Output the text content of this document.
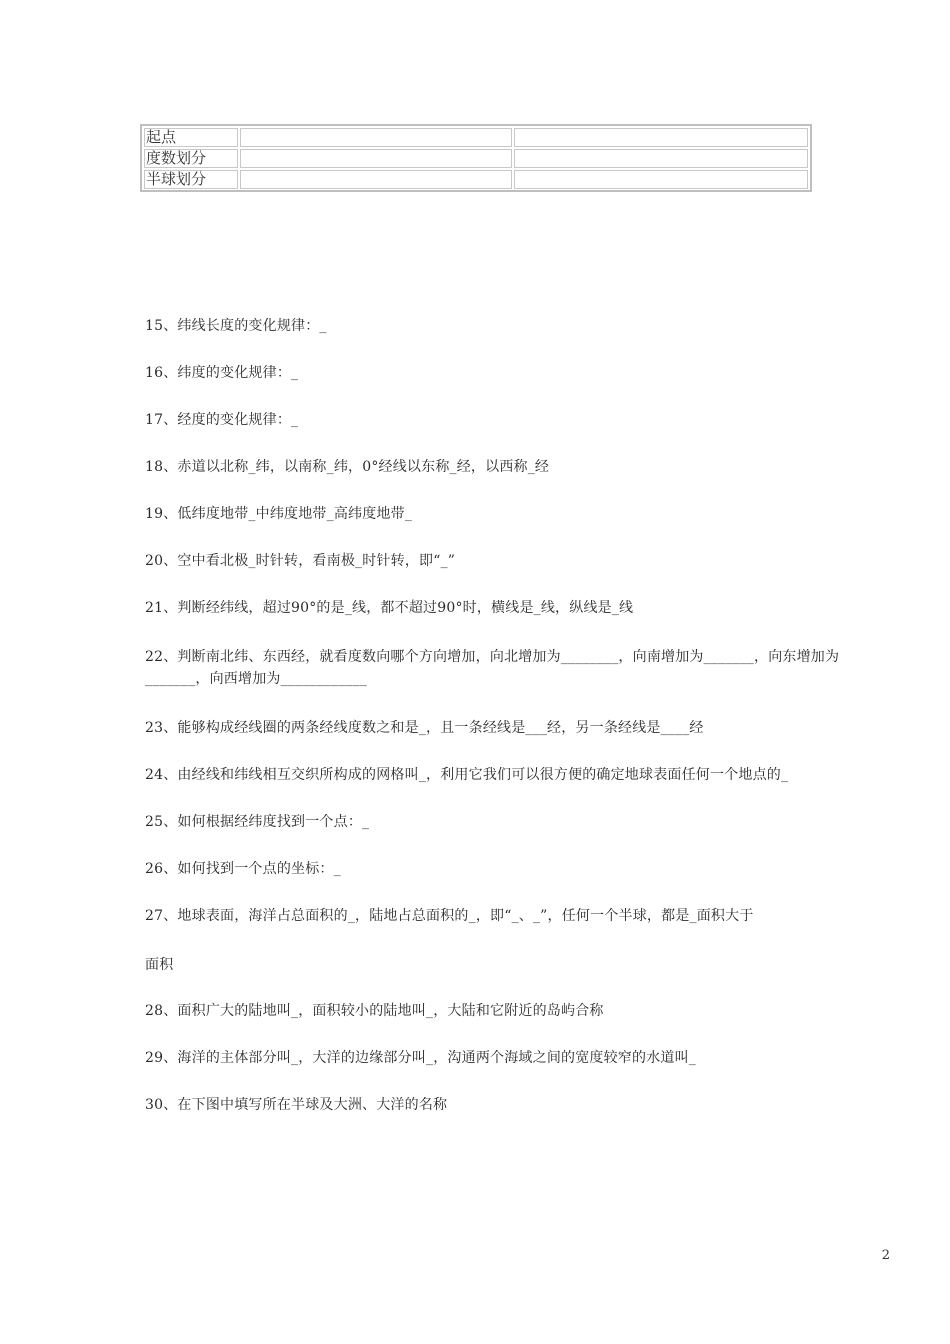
起点		
度数划分		
半球划分		
15、纬线长度的变化规律：_
16、纬度的变化规律：_
17、经度的变化规律：_
18、赤道以北称_纬，以南称_纬，0°经线以东称_经，以西称_经
19、低纬度地带_中纬度地带_高纬度地带_
20、空中看北极_时针转，看南极_时针转，即“_”
21、判断经纬线，超过90°的是_线，都不超过90°时，横线是_线，纵线是_线
22、判断南北纬、东西经，就看度数向哪个方向增加，向北增加为________，向南增加为_______，向东增加为_______，向西增加为____________
23、能够构成经线圈的两条经线度数之和是_，且一条经线是___经，另一条经线是____经
24、由经线和纬线相互交织所构成的网格叫_，利用它我们可以很方便的确定地球表面任何一个地点的_
25、如何根据经纬度找到一个点：_
26、如何找到一个点的坐标：_
27、地球表面，海洋占总面积的_，陆地占总面积的_，即“_、_”，任何一个半球，都是_面积大于
面积
28、面积广大的陆地叫_，面积较小的陆地叫_，大陆和它附近的岛屿合称
29、海洋的主体部分叫_，大洋的边缘部分叫_，沟通两个海域之间的宽度较窄的水道叫_
30、在下图中填写所在半球及大洲、大洋的名称
2
